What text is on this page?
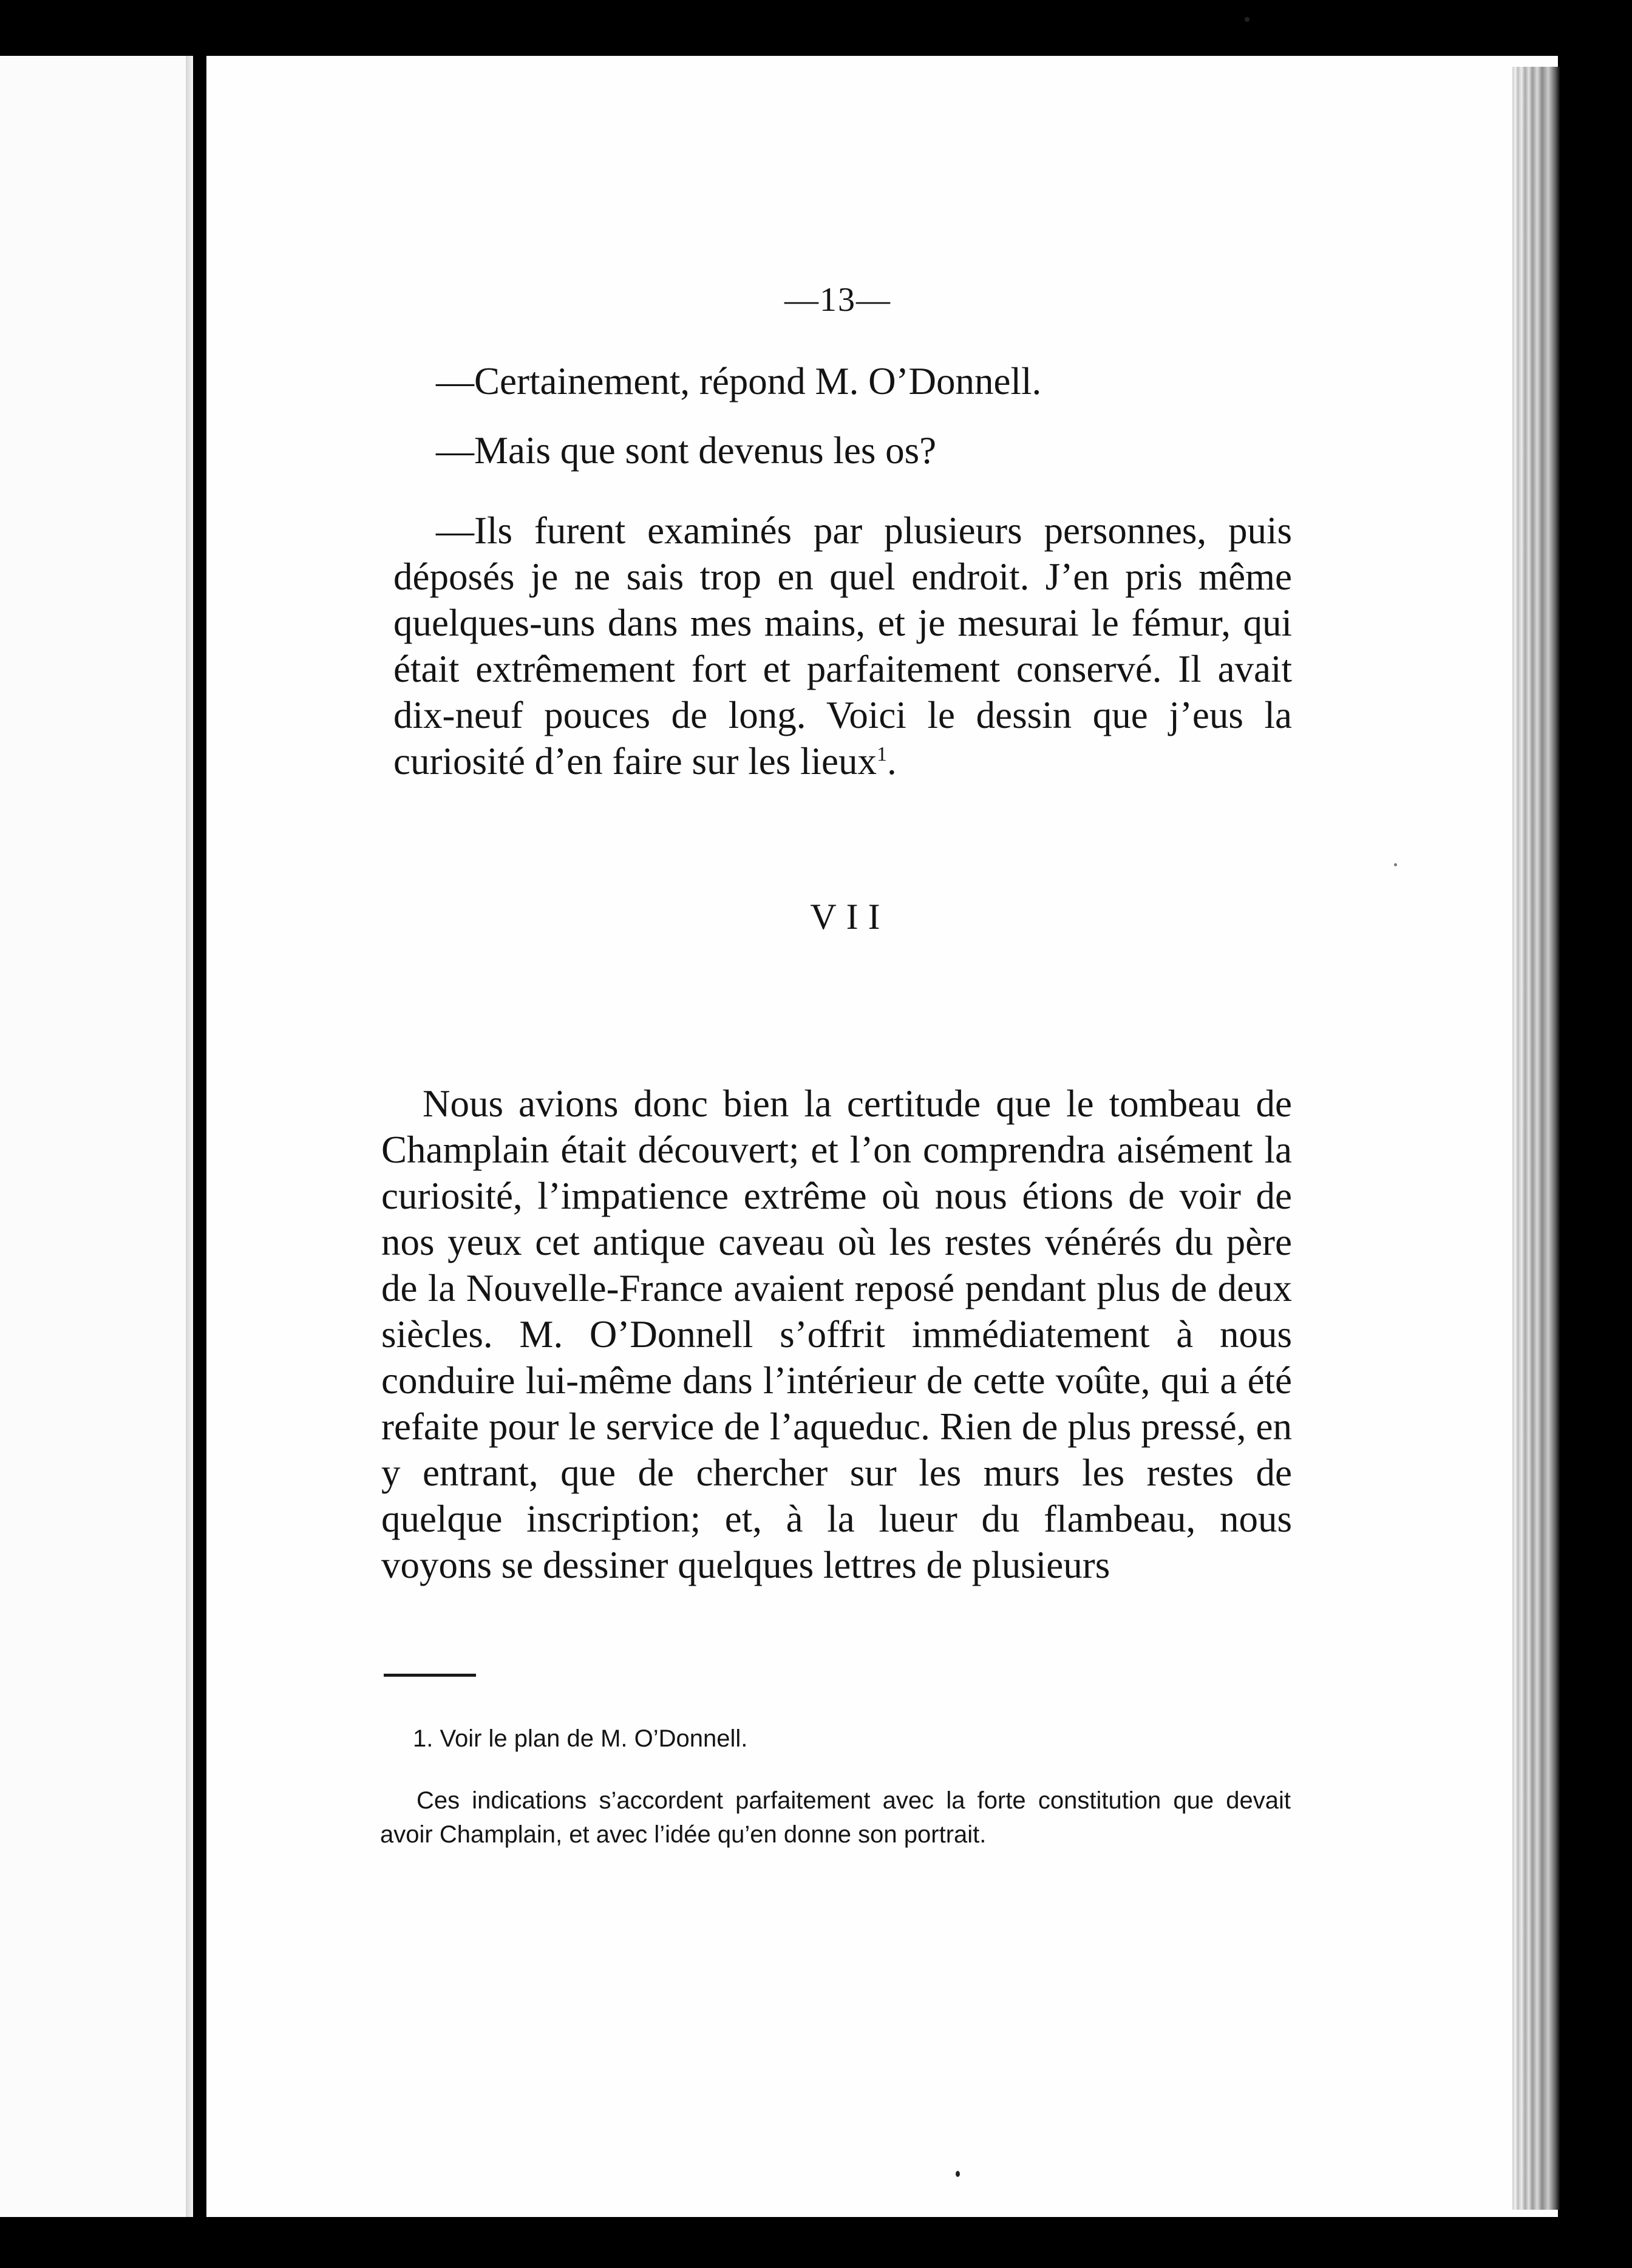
—13—

—Certainement, répond M. O’Donnell.

—Mais que sont devenus les os?

—Ils furent examinés par plusieurs personnes, puis déposés je ne sais trop en quel endroit. J’en pris même quelques-uns dans mes mains, et je mesurai le fémur, qui était extrêmement fort et parfaitement conservé. Il avait dix-neuf pouces de long. Voici le dessin que j’eus la curiosité d’en faire sur les lieux$^1$.

VII

Nous avions donc bien la certitude que le tombeau de Champlain était découvert; et l’on comprendra aisément la curiosité, l’impatience extrême où nous étions de voir de nos yeux cet antique caveau où les restes vénérés du père de la Nouvelle-France avaient reposé pendant plus de deux siècles. M. O’Donnell s’offrit immédiatement à nous conduire lui-même dans l’intérieur de cette voûte, qui a été refaite pour le service de l’aqueduc. Rien de plus pressé, en y entrant, que de chercher sur les murs les restes de quelque inscription; et, à la lueur du flambeau, nous voyons se dessiner quelques lettres de plusieurs

1. Voir le plan de M. O’Donnell.

Ces indications s’accordent parfaitement avec la forte constitution que devait avoir Champlain, et avec l’idée qu’en donne son portrait.
